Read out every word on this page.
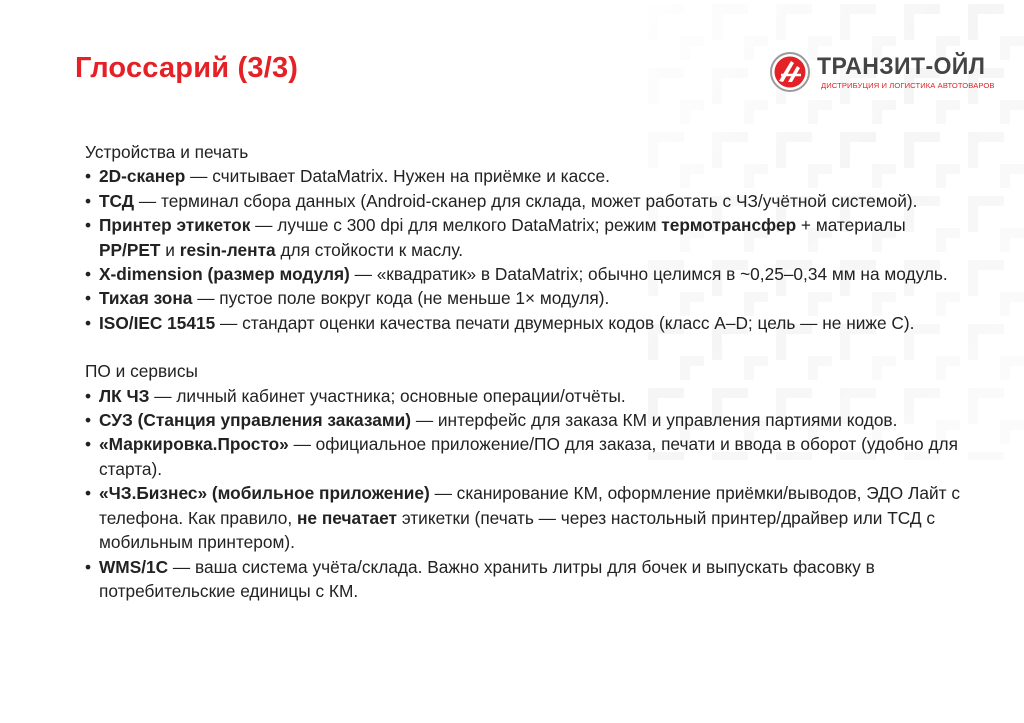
Глоссарий (3/3)	ТРАНЗИТ-ОЙЛ
ДИСТРИБУЦИЯ И ЛОГИСТИКА АВТОТОВАРОВ
Устройства и печать
• 2D-сканер — считывает DataMatrix. Нужен на приёмке и кассе.
• ТСД — терминал сбора данных (Android-сканер для склада, может работать с ЧЗ/учётной системой).
• Принтер этикеток — лучше с 300 dpi для мелкого DataMatrix; режим термотрансфер + материалы PP/PET и resin-лента для стойкости к маслу.
• X-dimension (размер модуля) — «квадратик» в DataMatrix; обычно целимся в ~0,25–0,34 мм на модуль.
• Тихая зона — пустое поле вокруг кода (не меньше 1× модуля).
• ISO/IEC 15415 — стандарт оценки качества печати двумерных кодов (класс A–D; цель — не ниже C).
ПО и сервисы
• ЛК ЧЗ — личный кабинет участника; основные операции/отчёты.
• СУЗ (Станция управления заказами) — интерфейс для заказа КМ и управления партиями кодов.
• «Маркировка.Просто» — официальное приложение/ПО для заказа, печати и ввода в оборот (удобно для старта).
• «ЧЗ.Бизнес» (мобильное приложение) — сканирование КМ, оформление приёмки/выводов, ЭДО Лайт с телефона. Как правило, не печатает этикетки (печать — через настольный принтер/драйвер или ТСД с мобильным принтером).
• WMS/1C — ваша система учёта/склада. Важно хранить литры для бочек и выпускать фасовку в потребительские единицы с КМ.
